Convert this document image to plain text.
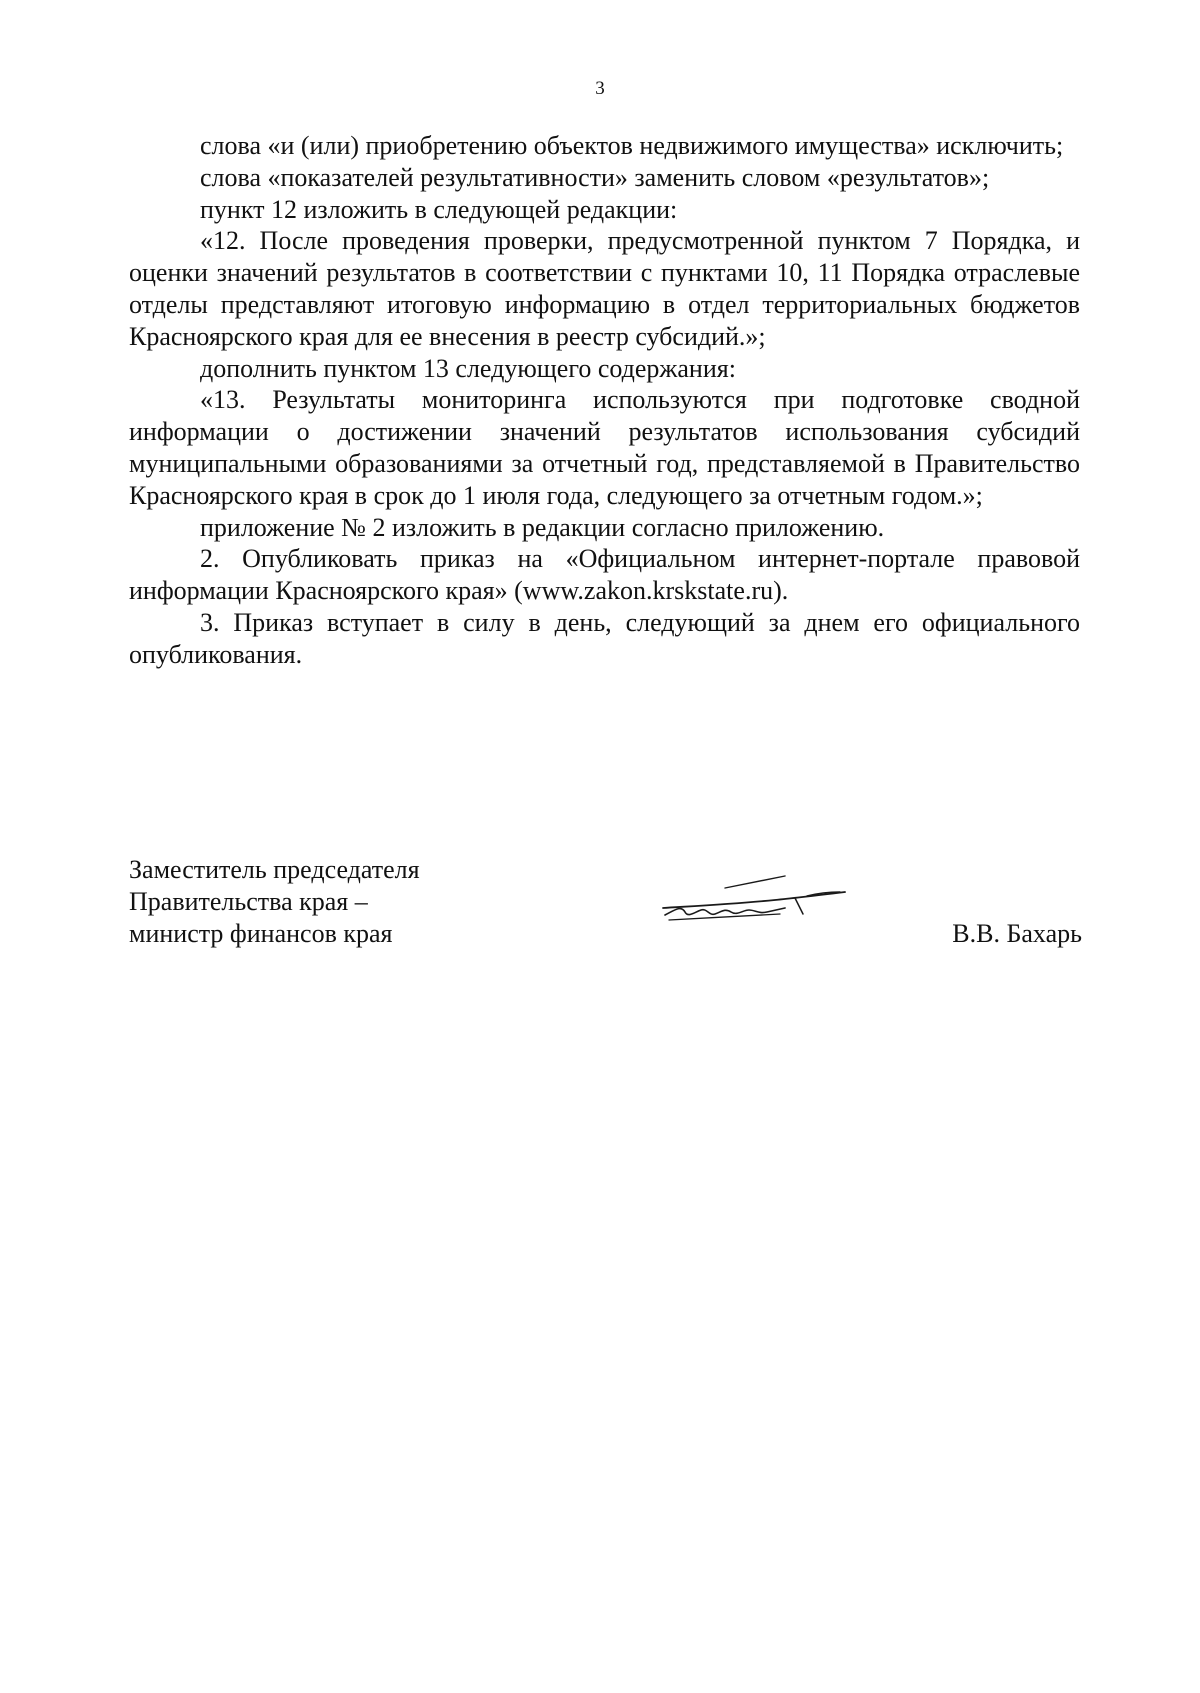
3

слова «и (или) приобретению объектов недвижимого имущества» исключить;

слова «показателей результативности» заменить словом «результатов»;

пункт 12 изложить в следующей редакции:

«12. После проведения проверки, предусмотренной пунктом 7 Порядка, и оценки значений результатов в соответствии с пунктами 10, 11 Порядка отраслевые отделы представляют итоговую информацию в отдел территориальных бюджетов Красноярского края для ее внесения в реестр субсидий.»;

дополнить пунктом 13 следующего содержания:

«13. Результаты мониторинга используются при подготовке сводной информации о достижении значений результатов использования субсидий муниципальными образованиями за отчетный год, представляемой в Правительство Красноярского края в срок до 1 июля года, следующего за отчетным годом.»;

приложение № 2 изложить в редакции согласно приложению.

2. Опубликовать приказ на «Официальном интернет-портале правовой информации Красноярского края» (www.zakon.krskstate.ru).

3. Приказ вступает в силу в день, следующий за днем его официального опубликования.

Заместитель председателя
Правительства края –
министр финансов края	В.В. Бахарь
